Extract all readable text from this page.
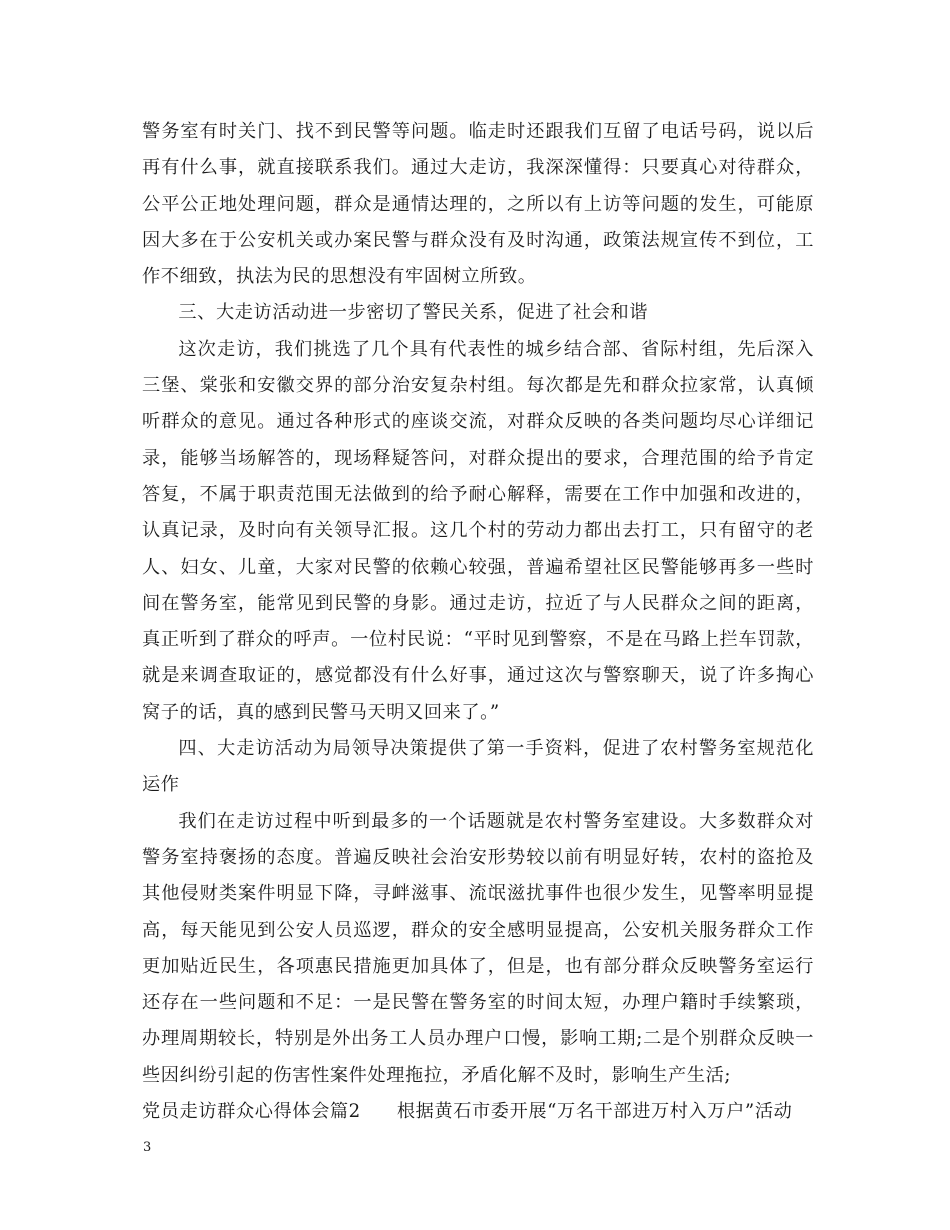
警务室有时关门、找不到民警等问题。临走时还跟我们互留了电话号码，说以后再有什么事，就直接联系我们。通过大走访，我深深懂得：只要真心对待群众，公平公正地处理问题，群众是通情达理的，之所以有上访等问题的发生，可能原因大多在于公安机关或办案民警与群众没有及时沟通，政策法规宣传不到位，工作不细致，执法为民的思想没有牢固树立所致。

三、大走访活动进一步密切了警民关系，促进了社会和谐

这次走访，我们挑选了几个具有代表性的城乡结合部、省际村组，先后深入三堡、棠张和安徽交界的部分治安复杂村组。每次都是先和群众拉家常，认真倾听群众的意见。通过各种形式的座谈交流，对群众反映的各类问题均尽心详细记录，能够当场解答的，现场释疑答问，对群众提出的要求，合理范围的给予肯定答复，不属于职责范围无法做到的给予耐心解释，需要在工作中加强和改进的，认真记录，及时向有关领导汇报。这几个村的劳动力都出去打工，只有留守的老人、妇女、儿童，大家对民警的依赖心较强，普遍希望社区民警能够再多一些时间在警务室，能常见到民警的身影。通过走访，拉近了与人民群众之间的距离，真正听到了群众的呼声。一位村民说：“平时见到警察，不是在马路上拦车罚款，就是来调查取证的，感觉都没有什么好事，通过这次与警察聊天，说了许多掏心窝子的话，真的感到民警马天明又回来了。”

四、大走访活动为局领导决策提供了第一手资料，促进了农村警务室规范化运作

我们在走访过程中听到最多的一个话题就是农村警务室建设。大多数群众对警务室持褒扬的态度。普遍反映社会治安形势较以前有明显好转，农村的盗抢及其他侵财类案件明显下降，寻衅滋事、流氓滋扰事件也很少发生，见警率明显提高，每天能见到公安人员巡逻，群众的安全感明显提高，公安机关服务群众工作更加贴近民生，各项惠民措施更加具体了，但是，也有部分群众反映警务室运行还存在一些问题和不足：一是民警在警务室的时间太短，办理户籍时手续繁琐，办理周期较长，特别是外出务工人员办理户口慢，影响工期;二是个别群众反映一些因纠纷引起的伤害性案件处理拖拉，矛盾化解不及时，影响生产生活;

党员走访群众心得体会篇2 根据黄石市委开展“万名干部进万村入万户”活动

3
